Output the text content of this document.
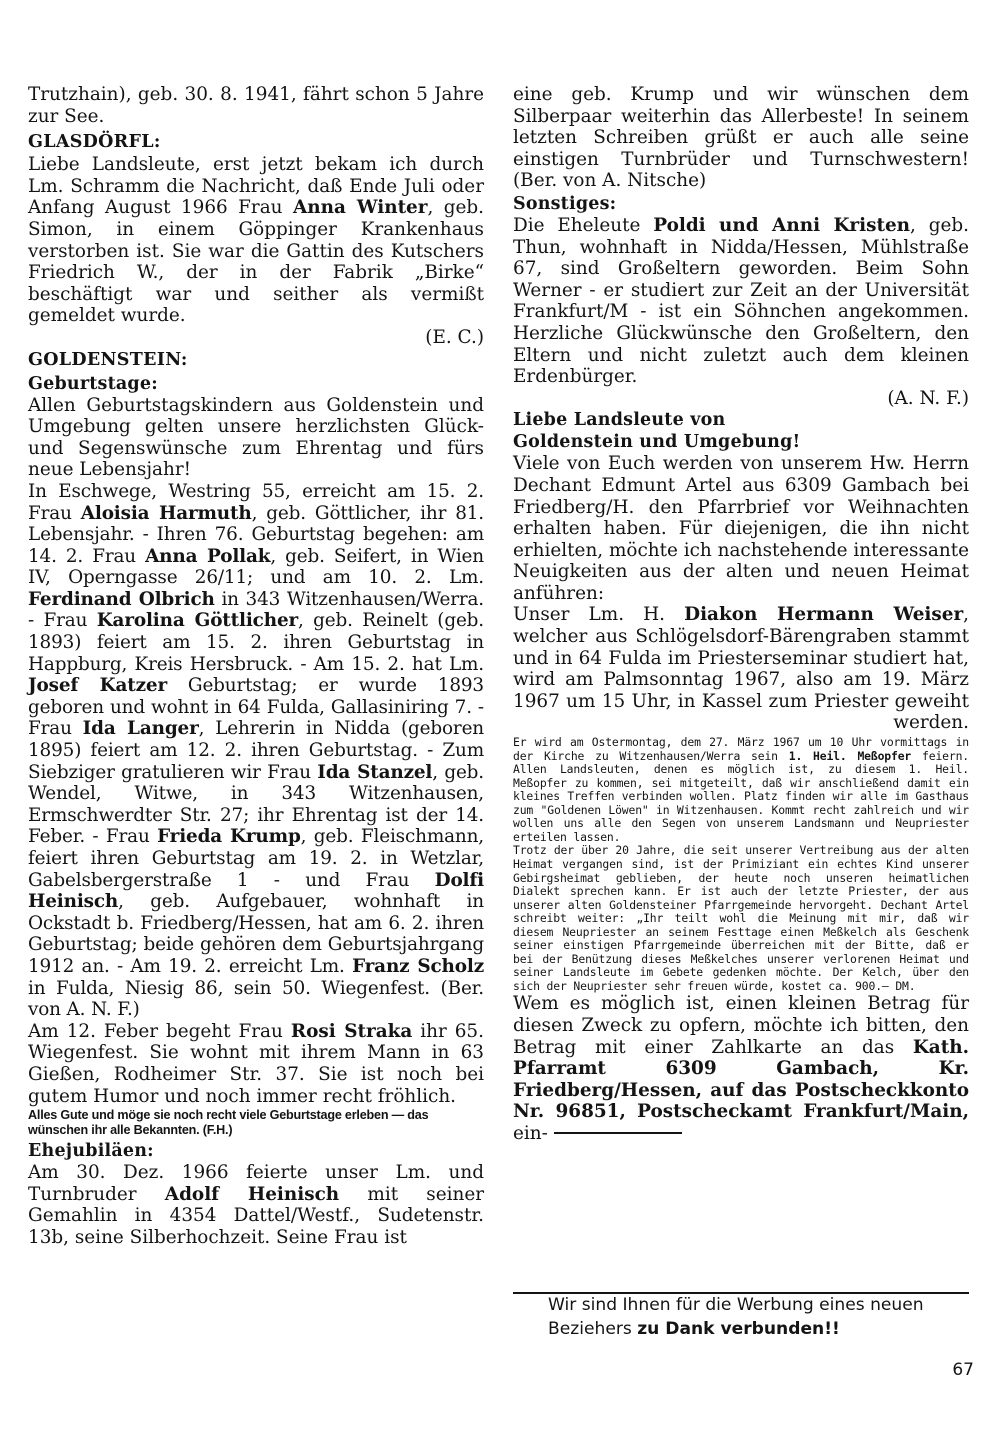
Trutzhain), geb. 30. 8. 1941, fährt schon 5 Jahre zur See.

GLASDÖRFL:

Liebe Landsleute, erst jetzt bekam ich durch Lm. Schramm die Nachricht, daß Ende Juli oder Anfang August 1966 Frau Anna Winter, geb. Simon, in einem Göppinger Krankenhaus verstorben ist. Sie war die Gattin des Kutschers Friedrich W., der in der Fabrik „Birke“ beschäftigt war und seither als vermißt gemeldet wurde.

(E. C.)

GOLDENSTEIN:
Geburtstage:

Allen Geburtstagskindern aus Goldenstein und Umgebung gelten unsere herzlichsten Glück- und Segenswünsche zum Ehrentag und fürs neue Lebensjahr!

In Eschwege, Westring 55, erreicht am 15. 2. Frau Aloisia Harmuth, geb. Göttlicher, ihr 81. Lebensjahr. - Ihren 76. Geburtstag begehen: am 14. 2. Frau Anna Pollak, geb. Seifert, in Wien IV, Operngasse 26/11; und am 10. 2. Lm. Ferdinand Olbrich in 343 Witzenhausen/Werra. - Frau Karolina Göttlicher, geb. Reinelt (geb. 1893) feiert am 15. 2. ihren Geburtstag in Happburg, Kreis Hersbruck. - Am 15. 2. hat Lm. Josef Katzer Geburtstag; er wurde 1893 geboren und wohnt in 64 Fulda, Gallasiniring 7. - Frau Ida Langer, Lehrerin in Nidda (geboren 1895) feiert am 12. 2. ihren Geburtstag. - Zum Siebziger gratulieren wir Frau Ida Stanzel, geb. Wendel, Witwe, in 343 Witzenhausen, Ermschwerdter Str. 27; ihr Ehrentag ist der 14. Feber. - Frau Frieda Krump, geb. Fleischmann, feiert ihren Geburtstag am 19. 2. in Wetzlar, Gabelsbergerstraße 1 - und Frau Dolfi Heinisch, geb. Aufgebauer, wohnhaft in Ockstadt b. Friedberg/Hessen, hat am 6. 2. ihren Geburtstag; beide gehören dem Geburtsjahrgang 1912 an. - Am 19. 2. erreicht Lm. Franz Scholz in Fulda, Niesig 86, sein 50. Wiegenfest. (Ber. von A. N. F.)

Am 12. Feber begeht Frau Rosi Straka ihr 65. Wiegenfest. Sie wohnt mit ihrem Mann in 63 Gießen, Rodheimer Str. 37. Sie ist noch bei gutem Humor und noch immer recht fröhlich.

Alles Gute und möge sie noch recht viele Geburtstage erleben — das wünschen ihr alle Bekannten. (F.H.)

Ehejubiläen:

Am 30. Dez. 1966 feierte unser Lm. und Turnbruder Adolf Heinisch mit seiner Gemahlin in 4354 Dattel/Westf., Sudetenstr. 13b, seine Silberhochzeit. Seine Frau ist

eine geb. Krump und wir wünschen dem Silberpaar weiterhin das Allerbeste! In seinem letzten Schreiben grüßt er auch alle seine einstigen Turnbrüder und Turnschwestern! (Ber. von A. Nitsche)

Sonstiges:

Die Eheleute Poldi und Anni Kristen, geb. Thun, wohnhaft in Nidda/Hessen, Mühlstraße 67, sind Großeltern geworden. Beim Sohn Werner - er studiert zur Zeit an der Universität Frankfurt/M - ist ein Söhnchen angekommen. Herzliche Glückwünsche den Großeltern, den Eltern und nicht zuletzt auch dem kleinen Erdenbürger.

(A. N. F.)

Liebe Landsleute von Goldenstein und Umgebung!

Viele von Euch werden von unserem Hw. Herrn Dechant Edmunt Artel aus 6309 Gambach bei Friedberg/H. den Pfarrbrief vor Weihnachten erhalten haben. Für diejenigen, die ihn nicht erhielten, möchte ich nachstehende interessante Neuigkeiten aus der alten und neuen Heimat anführen:

Unser Lm. H. Diakon Hermann Weiser, welcher aus Schlögelsdorf-Bärengraben stammt und in 64 Fulda im Priesterseminar studiert hat, wird am Palmsonntag 1967, also am 19. März 1967 um 15 Uhr, in Kassel zum Priester geweiht werden.

Er wird am Ostermontag, dem 27. März 1967 um 10 Uhr vormittags in der Kirche zu Witzenhausen/Werra sein 1. Heil. Meßopfer feiern. Allen Landsleuten, denen es möglich ist, zu diesem 1. Heil. Meßopfer zu kommen, sei mitgeteilt, daß wir anschließend damit ein kleines Treffen verbinden wollen. Platz finden wir alle im Gasthaus zum "Goldenen Löwen" in Witzenhausen. Kommt recht zahlreich und wir wollen uns alle den Segen von unserem Landsmann und Neupriester erteilen lassen.

Trotz der über 20 Jahre, die seit unserer Vertreibung aus der alten Heimat vergangen sind, ist der Primiziant ein echtes Kind unserer Gebirgsheimat geblieben, der heute noch unseren heimatlichen Dialekt sprechen kann. Er ist auch der letzte Priester, der aus unserer alten Goldensteiner Pfarrgemeinde hervorgeht. Dechant Artel schreibt weiter: „Ihr teilt wohl die Meinung mit mir, daß wir diesem Neupriester an seinem Festtage einen Meßkelch als Geschenk seiner einstigen Pfarrgemeinde überreichen mit der Bitte, daß er bei der Benützung dieses Meßkelches unserer verlorenen Heimat und seiner Landsleute im Gebete gedenken möchte. Der Kelch, über den sich der Neupriester sehr freuen würde, kostet ca. 900.— DM.

Wem es möglich ist, einen kleinen Betrag für diesen Zweck zu opfern, möchte ich bitten, den Betrag mit einer Zahlkarte an das Kath. Pfarramt 6309 Gambach, Kr. Friedberg/Hessen, auf das Postscheckkonto Nr. 96851, Postscheckamt Frankfurt/Main, ein-

Wir sind Ihnen für die Werbung eines neuen Beziehers zu Dank verbunden!!
67
